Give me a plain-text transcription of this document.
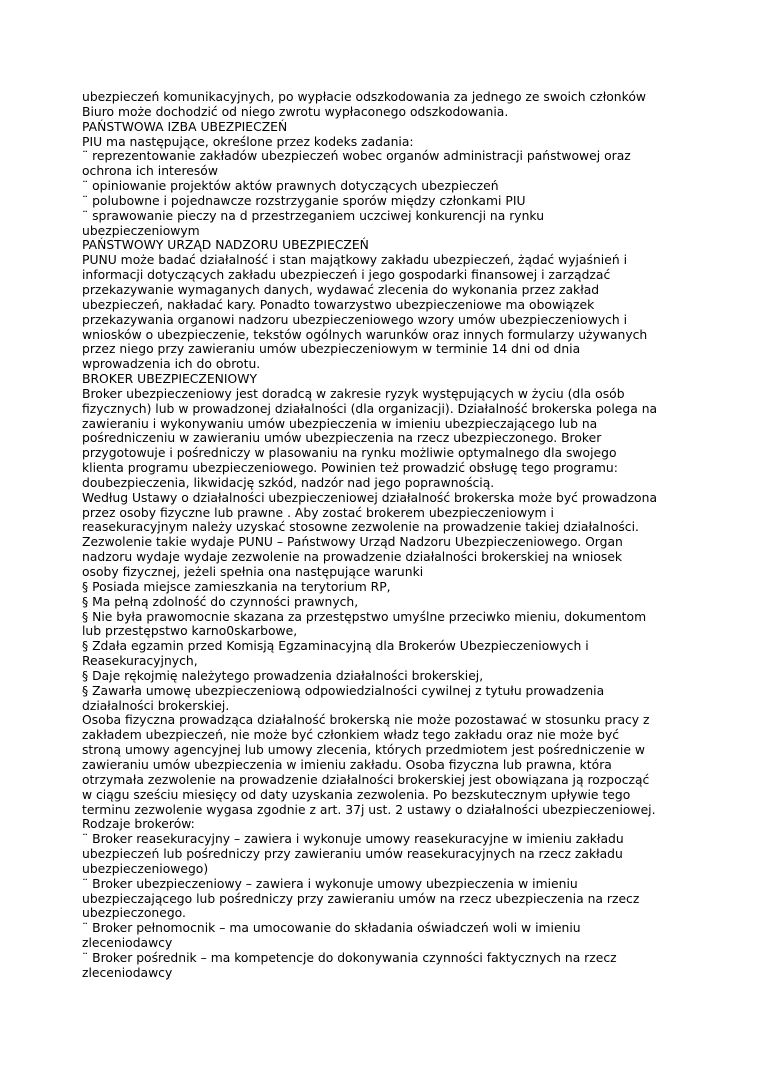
ubezpieczeń komunikacyjnych, po wypłacie odszkodowania za jednego ze swoich członków
Biuro może dochodzić od niego zwrotu wypłaconego odszkodowania.
PAŃSTWOWA IZBA UBEZPIECZEŃ
PIU ma następujące, określone przez kodeks zadania:
¨ reprezentowanie zakładów ubezpieczeń wobec organów administracji państwowej oraz
ochrona ich interesów
¨ opiniowanie projektów aktów prawnych dotyczących ubezpieczeń
¨ polubowne i pojednawcze rozstrzyganie sporów między członkami PIU
¨ sprawowanie pieczy na d przestrzeganiem uczciwej konkurencji na rynku
ubezpieczeniowym
PAŃSTWOWY URZĄD NADZORU UBEZPIECZEŃ
PUNU może badać działalność i stan majątkowy zakładu ubezpieczeń, żądać wyjaśnień i
informacji dotyczących zakładu ubezpieczeń i jego gospodarki finansowej i zarządzać
przekazywanie wymaganych danych, wydawać zlecenia do wykonania przez zakład
ubezpieczeń, nakładać kary. Ponadto towarzystwo ubezpieczeniowe ma obowiązek
przekazywania organowi nadzoru ubezpieczeniowego wzory umów ubezpieczeniowych i
wniosków o ubezpieczenie, tekstów ogólnych warunków oraz innych formularzy używanych
przez niego przy zawieraniu umów ubezpieczeniowym w terminie 14 dni od dnia
wprowadzenia ich do obrotu.
BROKER UBEZPIECZENIOWY
Broker ubezpieczeniowy jest doradcą w zakresie ryzyk występujących w życiu (dla osób
fizycznych) lub w prowadzonej działalności (dla organizacji). Działalność brokerska polega na
zawieraniu i wykonywaniu umów ubezpieczenia w imieniu ubezpieczającego lub na
pośredniczeniu w zawieraniu umów ubezpieczenia na rzecz ubezpieczonego. Broker
przygotowuje i pośredniczy w plasowaniu na rynku możliwie optymalnego dla swojego
klienta programu ubezpieczeniowego. Powinien też prowadzić obsługę tego programu:
doubezpieczenia, likwidację szkód, nadzór nad jego poprawnością.
Według Ustawy o działalności ubezpieczeniowej działalność brokerska może być prowadzona
przez osoby fizyczne lub prawne . Aby zostać brokerem ubezpieczeniowym i
reasekuracyjnym należy uzyskać stosowne zezwolenie na prowadzenie takiej działalności.
Zezwolenie takie wydaje PUNU – Państwowy Urząd Nadzoru Ubezpieczeniowego. Organ
nadzoru wydaje wydaje zezwolenie na prowadzenie działalności brokerskiej na wniosek
osoby fizycznej, jeżeli spełnia ona następujące warunki
§ Posiada miejsce zamieszkania na terytorium RP,
§ Ma pełną zdolność do czynności prawnych,
§ Nie była prawomocnie skazana za przestępstwo umyślne przeciwko mieniu, dokumentom
lub przestępstwo karno0skarbowe,
§ Zdała egzamin przed Komisją Egzaminacyjną dla Brokerów Ubezpieczeniowych i
Reasekuracyjnych,
§ Daje rękojmię należytego prowadzenia działalności brokerskiej,
§ Zawarła umowę ubezpieczeniową odpowiedzialności cywilnej z tytułu prowadzenia
działalności brokerskiej.
Osoba fizyczna prowadząca działalność brokerską nie może pozostawać w stosunku pracy z
zakładem ubezpieczeń, nie może być członkiem władz tego zakładu oraz nie może być
stroną umowy agencyjnej lub umowy zlecenia, których przedmiotem jest pośredniczenie w
zawieraniu umów ubezpieczenia w imieniu zakładu. Osoba fizyczna lub prawna, która
otrzymała zezwolenie na prowadzenie działalności brokerskiej jest obowiązana ją rozpocząć
w ciągu sześciu miesięcy od daty uzyskania zezwolenia. Po bezskutecznym upływie tego
terminu zezwolenie wygasa zgodnie z art. 37j ust. 2 ustawy o działalności ubezpieczeniowej.
Rodzaje brokerów:
¨ Broker reasekuracyjny – zawiera i wykonuje umowy reasekuracyjne w imieniu zakładu
ubezpieczeń lub pośredniczy przy zawieraniu umów reasekuracyjnych na rzecz zakładu
ubezpieczeniowego)
¨ Broker ubezpieczeniowy – zawiera i wykonuje umowy ubezpieczenia w imieniu
ubezpieczającego lub pośredniczy przy zawieraniu umów na rzecz ubezpieczenia na rzecz
ubezpieczonego.
¨ Broker pełnomocnik – ma umocowanie do składania oświadczeń woli w imieniu
zleceniodawcy
¨ Broker pośrednik – ma kompetencje do dokonywania czynności faktycznych na rzecz
zleceniodawcy
